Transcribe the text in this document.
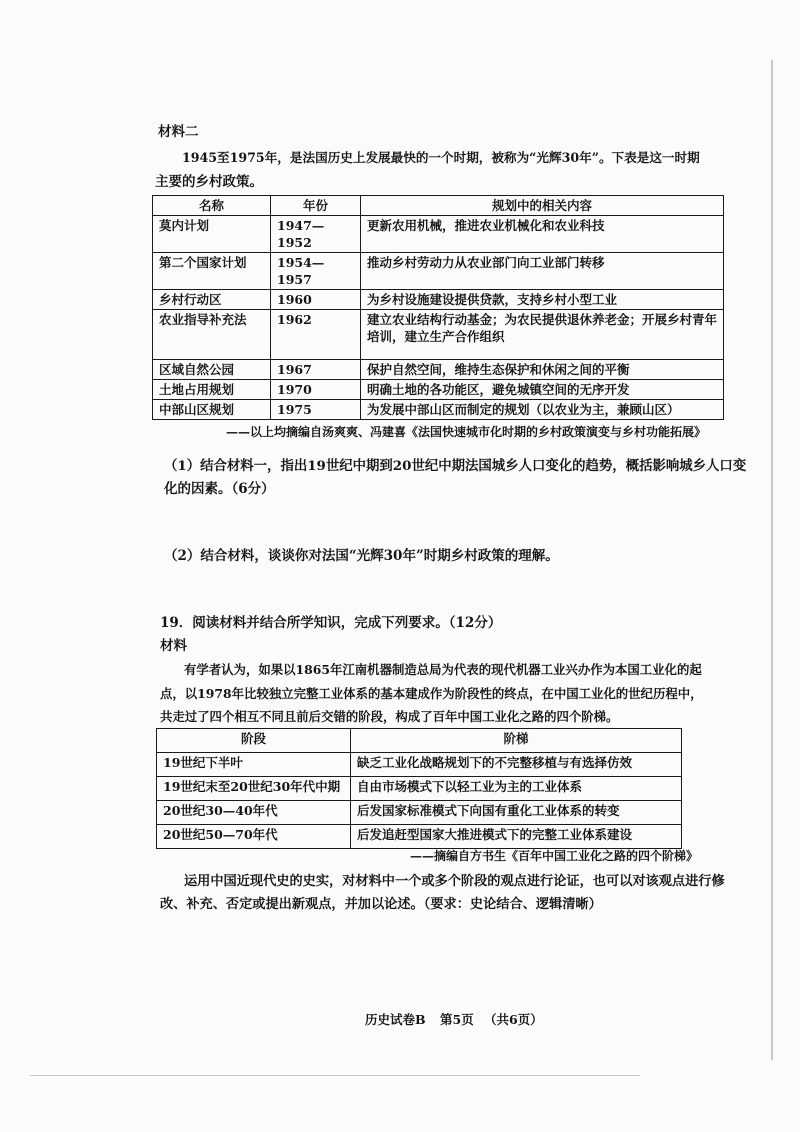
材料二
1945至1975年，是法国历史上发展最快的一个时期，被称为“光辉30年”。下表是这一时期
主要的乡村政策。
名称	年份	规划中的相关内容
莫内计划	1947—1952	更新农用机械，推进农业机械化和农业科技
第二个国家计划	1954—1957	推动乡村劳动力从农业部门向工业部门转移
乡村行动区	1960	为乡村设施建设提供贷款，支持乡村小型工业
农业指导补充法	1962	建立农业结构行动基金；为农民提供退休养老金；开展乡村青年培训，建立生产合作组织
区域自然公园	1967	保护自然空间，维持生态保护和休闲之间的平衡
土地占用规划	1970	明确土地的各功能区，避免城镇空间的无序开发
中部山区规划	1975	为发展中部山区而制定的规划（以农业为主，兼顾山区）
——以上均摘编自汤爽爽、冯建喜《法国快速城市化时期的乡村政策演变与乡村功能拓展》
（1）结合材料一，指出19世纪中期到20世纪中期法国城乡人口变化的趋势，概括影响城乡人口变
化的因素。（6分）
（2）结合材料，谈谈你对法国“光辉30年”时期乡村政策的理解。
19．阅读材料并结合所学知识，完成下列要求。（12分）
材料
有学者认为，如果以1865年江南机器制造总局为代表的现代机器工业兴办作为本国工业化的起
点，以1978年比较独立完整工业体系的基本建成作为阶段性的终点，在中国工业化的世纪历程中，
共走过了四个相互不同且前后交错的阶段，构成了百年中国工业化之路的四个阶梯。
阶段	阶梯
19世纪下半叶	缺乏工业化战略规划下的不完整移植与有选择仿效
19世纪末至20世纪30年代中期	自由市场模式下以轻工业为主的工业体系
20世纪30—40年代	后发国家标准模式下向国有重化工业体系的转变
20世纪50—70年代	后发追赶型国家大推进模式下的完整工业体系建设
——摘编自方书生《百年中国工业化之路的四个阶梯》
运用中国近现代史的史实，对材料中一个或多个阶段的观点进行论证，也可以对该观点进行修
改、补充、否定或提出新观点，并加以论述。（要求：史论结合、逻辑清晰）
历史试卷B 第5页 （共6页）
